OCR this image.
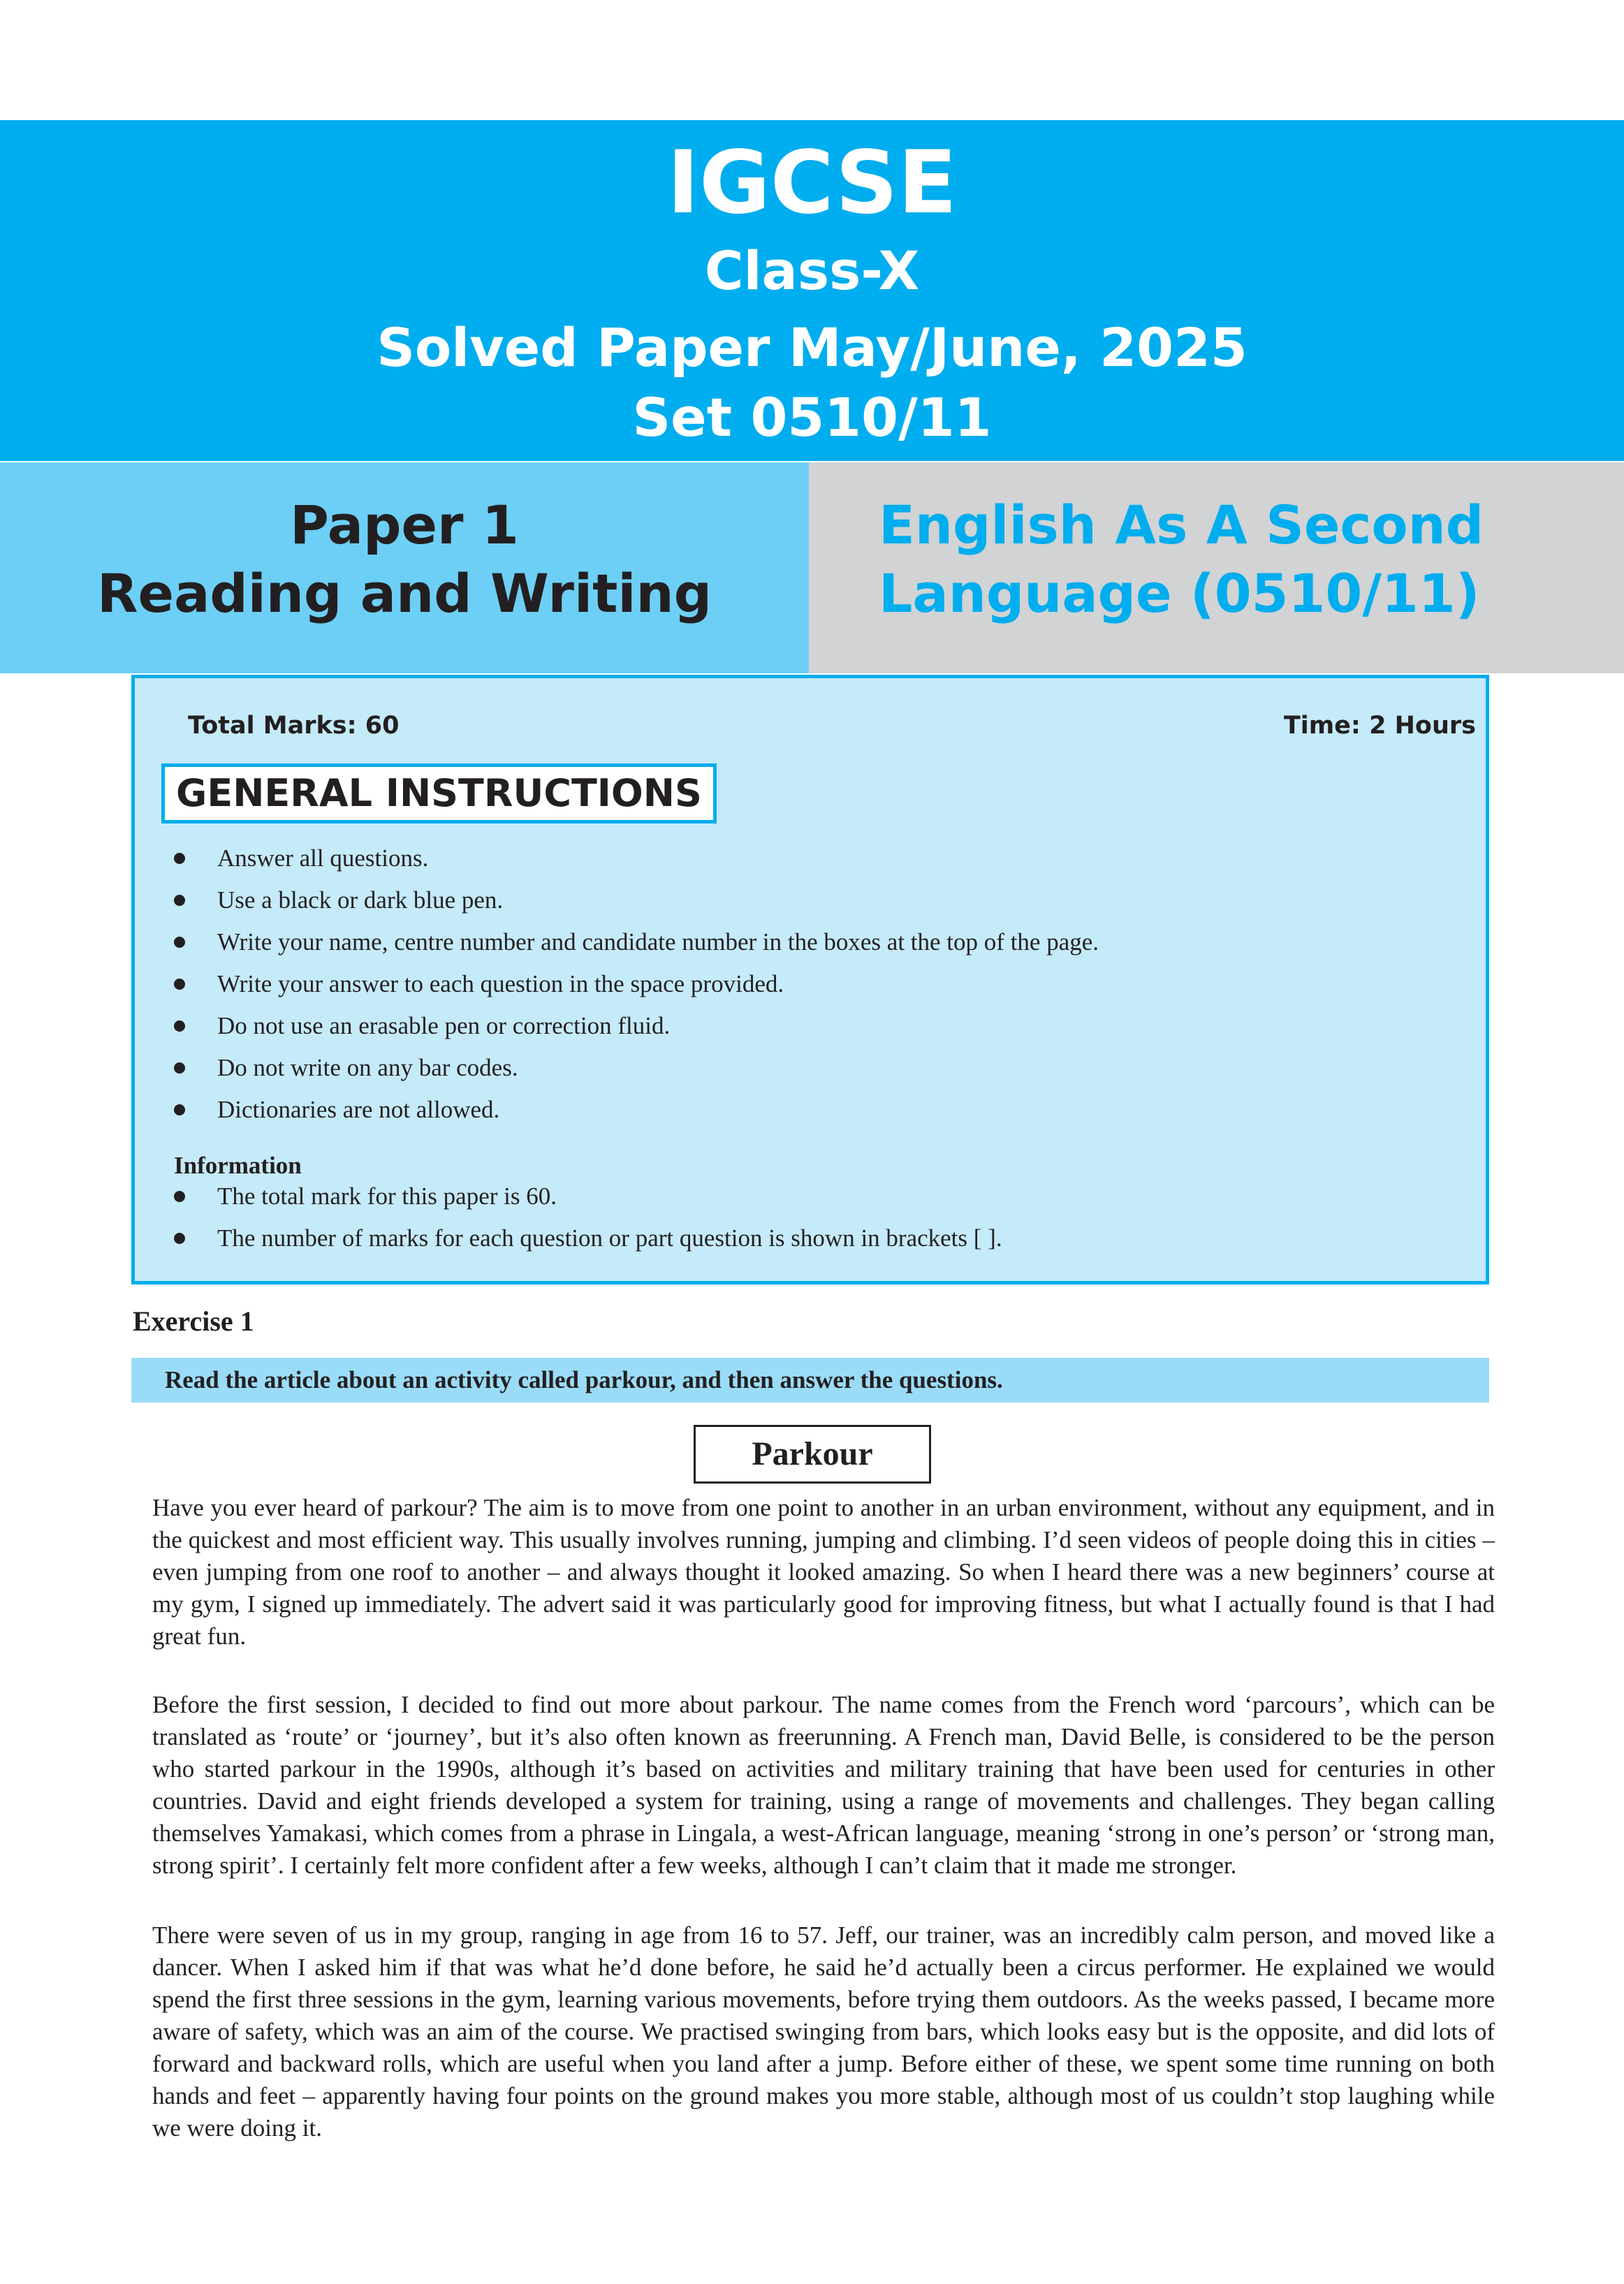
IGCSE
Class-X
Solved Paper May/June, 2025
Set 0510/11
Paper 1
Reading and Writing
English As A Second
Language (0510/11)
Total Marks: 60	Time: 2 Hours
GENERAL INSTRUCTIONS
Answer all questions.
Use a black or dark blue pen.
Write your name, centre number and candidate number in the boxes at the top of the page.
Write your answer to each question in the space provided.
Do not use an erasable pen or correction fluid.
Do not write on any bar codes.
Dictionaries are not allowed.
Information
The total mark for this paper is 60.
The number of marks for each question or part question is shown in brackets [ ].
Exercise 1
Read the article about an activity called parkour, and then answer the questions.
Parkour

Have you ever heard of parkour? The aim is to move from one point to another in an urban environment, without any equipment, and in the quickest and most efficient way. This usually involves running, jumping and climbing. I’d seen videos of people doing this in cities – even jumping from one roof to another – and always thought it looked amazing. So when I heard there was a new beginners’ course at my gym, I signed up immediately. The advert said it was particularly good for improving fitness, but what I actually found is that I had great fun.

Before the first session, I decided to find out more about parkour. The name comes from the French word ‘parcours’, which can be translated as ‘route’ or ‘journey’, but it’s also often known as freerunning. A French man, David Belle, is considered to be the person who started parkour in the 1990s, although it’s based on activities and military training that have been used for centuries in other countries. David and eight friends developed a system for training, using a range of movements and challenges. They began calling themselves Yamakasi, which comes from a phrase in Lingala, a west-African language, meaning ‘strong in one’s person’ or ‘strong man, strong spirit’. I certainly felt more confident after a few weeks, although I can’t claim that it made me stronger.

There were seven of us in my group, ranging in age from 16 to 57. Jeff, our trainer, was an incredibly calm person, and moved like a dancer. When I asked him if that was what he’d done before, he said he’d actually been a circus performer. He explained we would spend the first three sessions in the gym, learning various movements, before trying them outdoors. As the weeks passed, I became more aware of safety, which was an aim of the course. We practised swinging from bars, which looks easy but is the opposite, and did lots of forward and backward rolls, which are useful when you land after a jump. Before either of these, we spent some time running on both hands and feet – apparently having four points on the ground makes you more stable, although most of us couldn’t stop laughing while we were doing it.
